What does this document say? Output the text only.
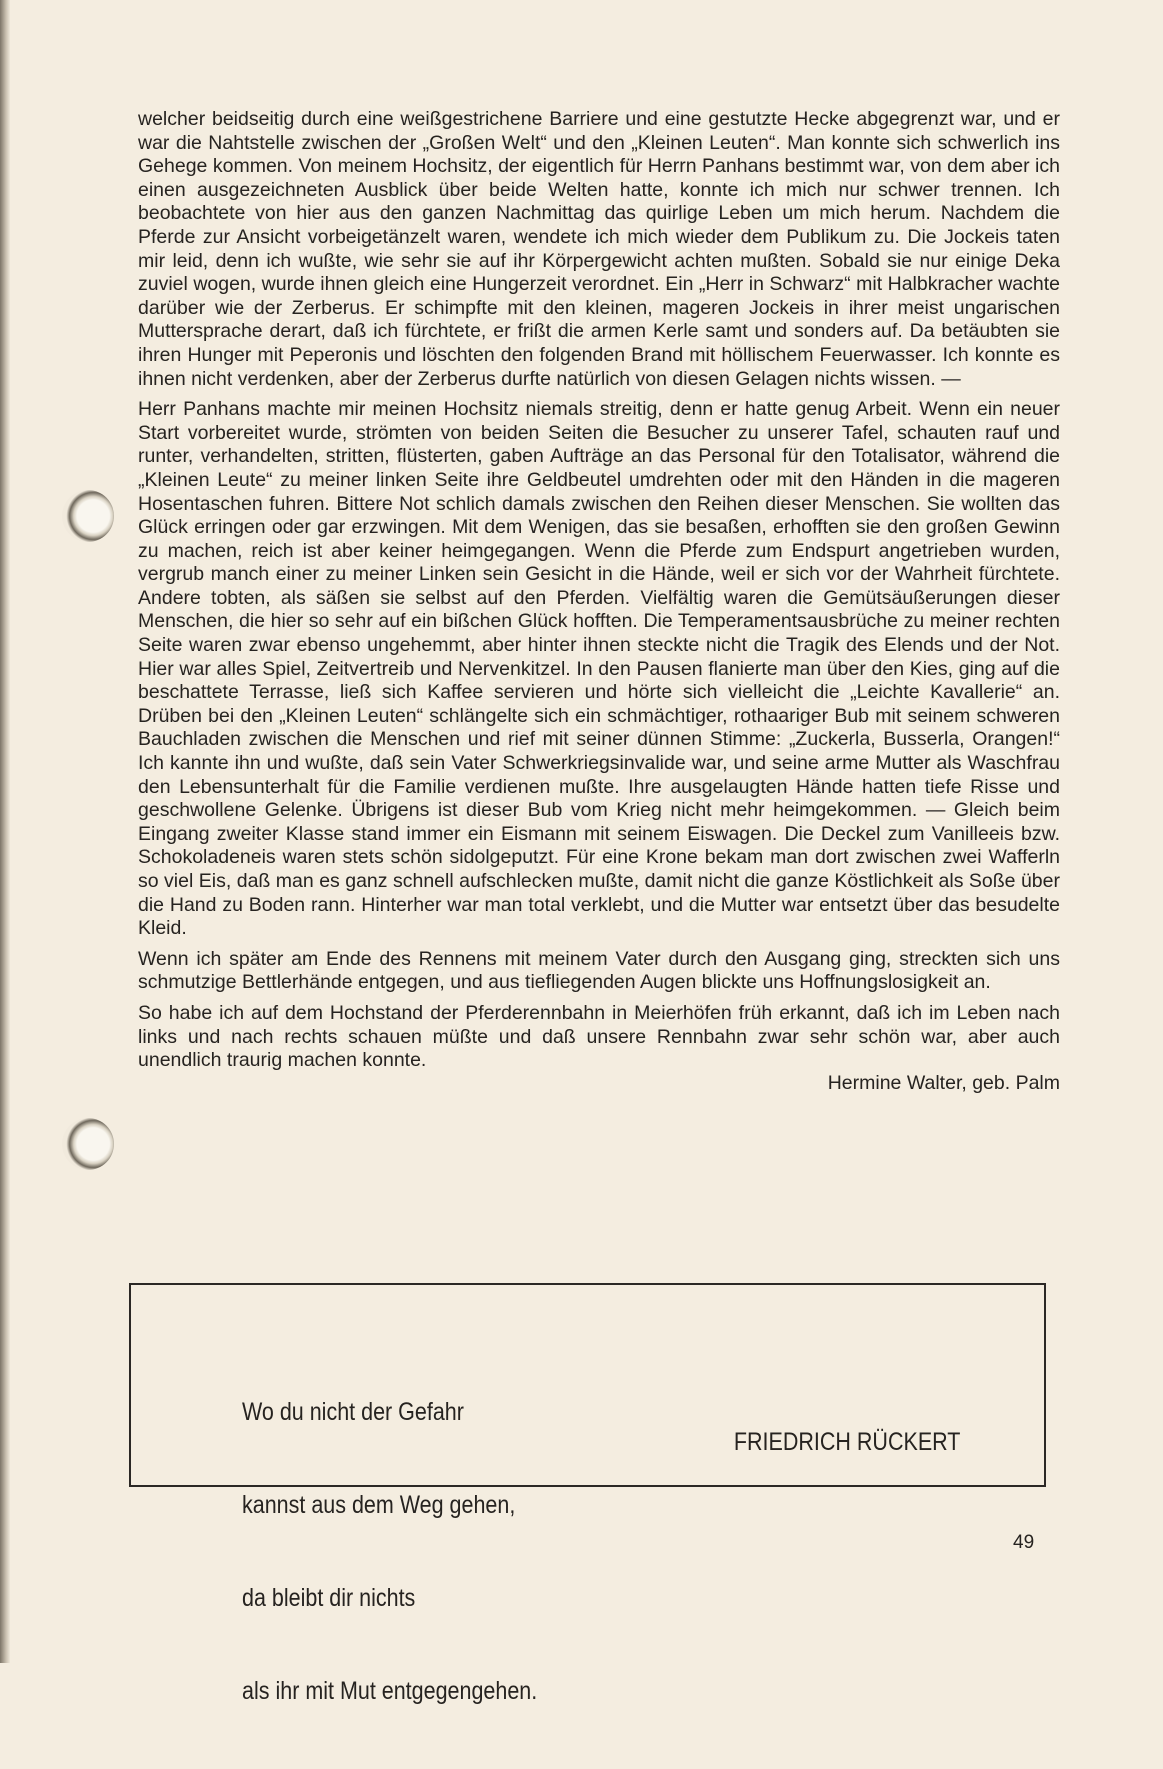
welcher beidseitig durch eine weißgestrichene Barriere und eine gestutzte Hecke abgegrenzt war, und er war die Nahtstelle zwischen der „Großen Welt“ und den „Kleinen Leuten“. Man konnte sich schwerlich ins Gehege kommen. Von meinem Hochsitz, der eigentlich für Herrn Panhans bestimmt war, von dem aber ich einen ausgezeichneten Ausblick über beide Welten hatte, konnte ich mich nur schwer trennen. Ich beobachtete von hier aus den ganzen Nachmittag das quirlige Leben um mich herum. Nachdem die Pferde zur Ansicht vorbeigetänzelt waren, wendete ich mich wieder dem Publikum zu. Die Jockeis taten mir leid, denn ich wußte, wie sehr sie auf ihr Körpergewicht achten mußten. Sobald sie nur einige Deka zuviel wogen, wurde ihnen gleich eine Hungerzeit verordnet. Ein „Herr in Schwarz“ mit Halbkracher wachte darüber wie der Zerberus. Er schimpfte mit den kleinen, mageren Jockeis in ihrer meist ungarischen Muttersprache derart, daß ich fürchtete, er frißt die armen Kerle samt und sonders auf. Da betäubten sie ihren Hunger mit Peperonis und löschten den folgenden Brand mit höllischem Feuerwasser. Ich konnte es ihnen nicht verdenken, aber der Zerberus durfte natürlich von diesen Gelagen nichts wissen. —

Herr Panhans machte mir meinen Hochsitz niemals streitig, denn er hatte genug Arbeit. Wenn ein neuer Start vorbereitet wurde, strömten von beiden Seiten die Besucher zu unserer Tafel, schauten rauf und runter, verhandelten, stritten, flüsterten, gaben Aufträge an das Personal für den Totalisator, während die „Kleinen Leute“ zu meiner linken Seite ihre Geldbeutel umdrehten oder mit den Händen in die mageren Hosentaschen fuhren. Bittere Not schlich damals zwischen den Reihen dieser Menschen. Sie wollten das Glück erringen oder gar erzwingen. Mit dem Wenigen, das sie besaßen, erhofften sie den großen Gewinn zu machen, reich ist aber keiner heimgegangen. Wenn die Pferde zum Endspurt angetrieben wurden, vergrub manch einer zu meiner Linken sein Gesicht in die Hände, weil er sich vor der Wahrheit fürchtete. Andere tobten, als säßen sie selbst auf den Pferden. Vielfältig waren die Gemütsäußerungen dieser Menschen, die hier so sehr auf ein bißchen Glück hofften. Die Temperamentsausbrüche zu meiner rechten Seite waren zwar ebenso ungehemmt, aber hinter ihnen steckte nicht die Tragik des Elends und der Not. Hier war alles Spiel, Zeitvertreib und Nervenkitzel. In den Pausen flanierte man über den Kies, ging auf die beschattete Terrasse, ließ sich Kaffee servieren und hörte sich vielleicht die „Leichte Kavallerie“ an. Drüben bei den „Kleinen Leuten“ schlängelte sich ein schmächtiger, rothaariger Bub mit seinem schweren Bauchladen zwischen die Menschen und rief mit seiner dünnen Stimme: „Zuckerla, Busserla, Orangen!“ Ich kannte ihn und wußte, daß sein Vater Schwerkriegsinvalide war, und seine arme Mutter als Waschfrau den Lebensunterhalt für die Familie verdienen mußte. Ihre ausgelaugten Hände hatten tiefe Risse und geschwollene Gelenke. Übrigens ist dieser Bub vom Krieg nicht mehr heimgekommen. — Gleich beim Eingang zweiter Klasse stand immer ein Eismann mit seinem Eiswagen. Die Deckel zum Vanilleeis bzw. Schokoladeneis waren stets schön sidolgeputzt. Für eine Krone bekam man dort zwischen zwei Wafferln so viel Eis, daß man es ganz schnell aufschlecken mußte, damit nicht die ganze Köstlichkeit als Soße über die Hand zu Boden rann. Hinterher war man total verklebt, und die Mutter war entsetzt über das besudelte Kleid.

Wenn ich später am Ende des Rennens mit meinem Vater durch den Ausgang ging, streckten sich uns schmutzige Bettlerhände entgegen, und aus tiefliegenden Augen blickte uns Hoffnungslosigkeit an.

So habe ich auf dem Hochstand der Pferderennbahn in Meierhöfen früh erkannt, daß ich im Leben nach links und nach rechts schauen müßte und daß unsere Rennbahn zwar sehr schön war, aber auch unendlich traurig machen konnte.

Hermine Walter, geb. Palm

Wo du nicht der Gefahr

kannst aus dem Weg gehen,

da bleibt dir nichts

als ihr mit Mut entgegengehen.

FRIEDRICH RÜCKERT
49
